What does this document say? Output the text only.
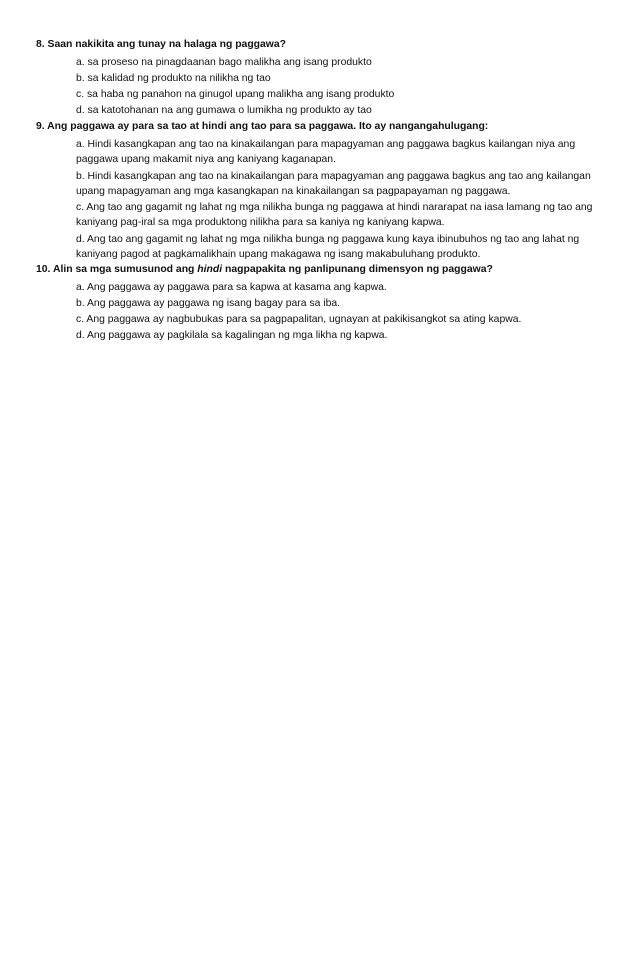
8. Saan nakikita ang tunay na halaga ng paggawa?

a. sa proseso na pinagdaanan bago malikha ang isang produkto
b. sa kalidad ng produkto na nilikha ng tao
c. sa haba ng panahon na ginugol upang malikha ang isang produkto
d. sa katotohanan na ang gumawa o lumikha ng produkto ay tao

9. Ang paggawa ay para sa tao at hindi ang tao para sa paggawa. Ito ay nangangahulugang:

a. Hindi kasangkapan ang tao na kinakailangan para mapagyaman ang paggawa bagkus kailangan niya ang paggawa upang makamit niya ang kaniyang kaganapan.
b. Hindi kasangkapan ang tao na kinakailangan para mapagyaman ang paggawa bagkus ang tao ang kailangan upang mapagyaman ang mga kasangkapan na kinakailangan sa pagpapayaman ng paggawa.
c. Ang tao ang gagamit ng lahat ng mga nilikha bunga ng paggawa at hindi nararapat na iasa lamang ng tao ang kaniyang pag-iral sa mga produktong nilikha para sa kaniya ng kaniyang kapwa.
d. Ang tao ang gagamit ng lahat ng mga nilikha bunga ng paggawa kung kaya ibinubuhos ng tao ang lahat ng kaniyang pagod at pagkamalikhain upang makagawa ng isang makabuluhang produkto.

10. Alin sa mga sumusunod ang hindi nagpapakita ng panlipunang dimensyon ng paggawa?

a. Ang paggawa ay paggawa para sa kapwa at kasama ang kapwa.
b. Ang paggawa ay paggawa ng isang bagay para sa iba.
c. Ang paggawa ay nagbubukas para sa pagpapalitan, ugnayan at pakikisangkot sa ating kapwa.
d. Ang paggawa ay pagkilala sa kagalingan ng mga likha ng kapwa.
